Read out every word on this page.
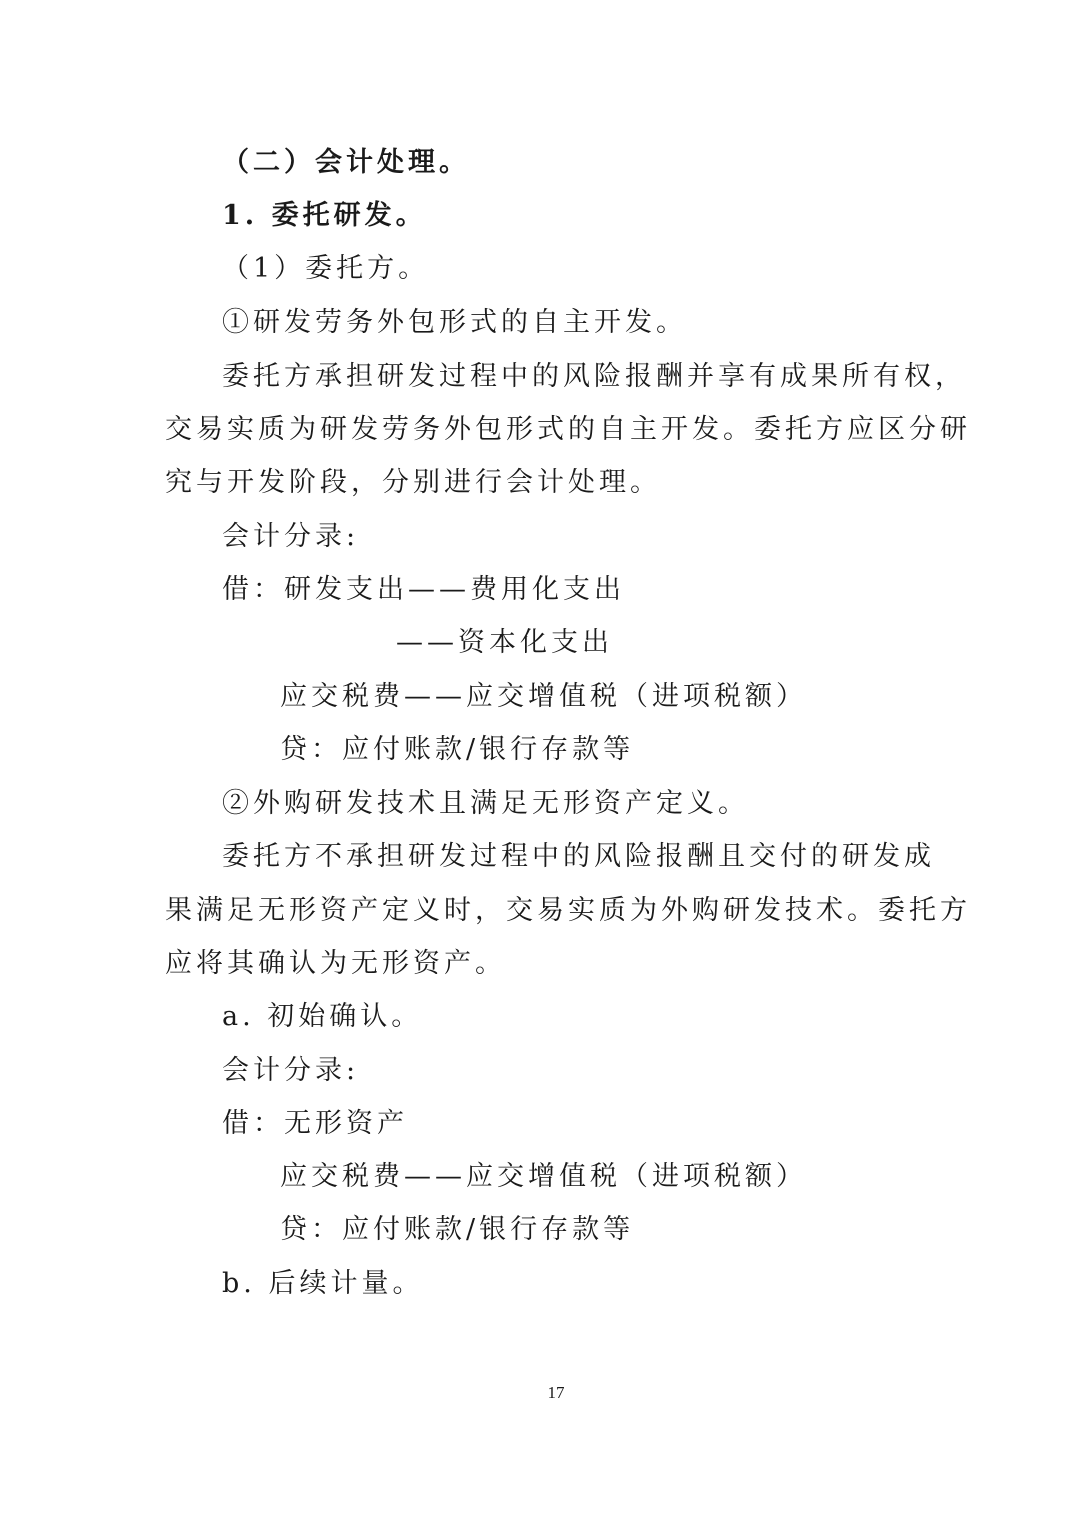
（二）会计处理。
1. 委托研发。
（1）委托方。
①研发劳务外包形式的自主开发。
委托方承担研发过程中的风险报酬并享有成果所有权，
交易实质为研发劳务外包形式的自主开发。委托方应区分研
究与开发阶段，分别进行会计处理。
会计分录:
借：研发支出——费用化支出
——资本化支出
应交税费——应交增值税（进项税额）
贷：应付账款/银行存款等
②外购研发技术且满足无形资产定义。
委托方不承担研发过程中的风险报酬且交付的研发成
果满足无形资产定义时，交易实质为外购研发技术。委托方
应将其确认为无形资产。
a. 初始确认。
会计分录:
借：无形资产
应交税费——应交增值税（进项税额）
贷：应付账款/银行存款等
b. 后续计量。
17
